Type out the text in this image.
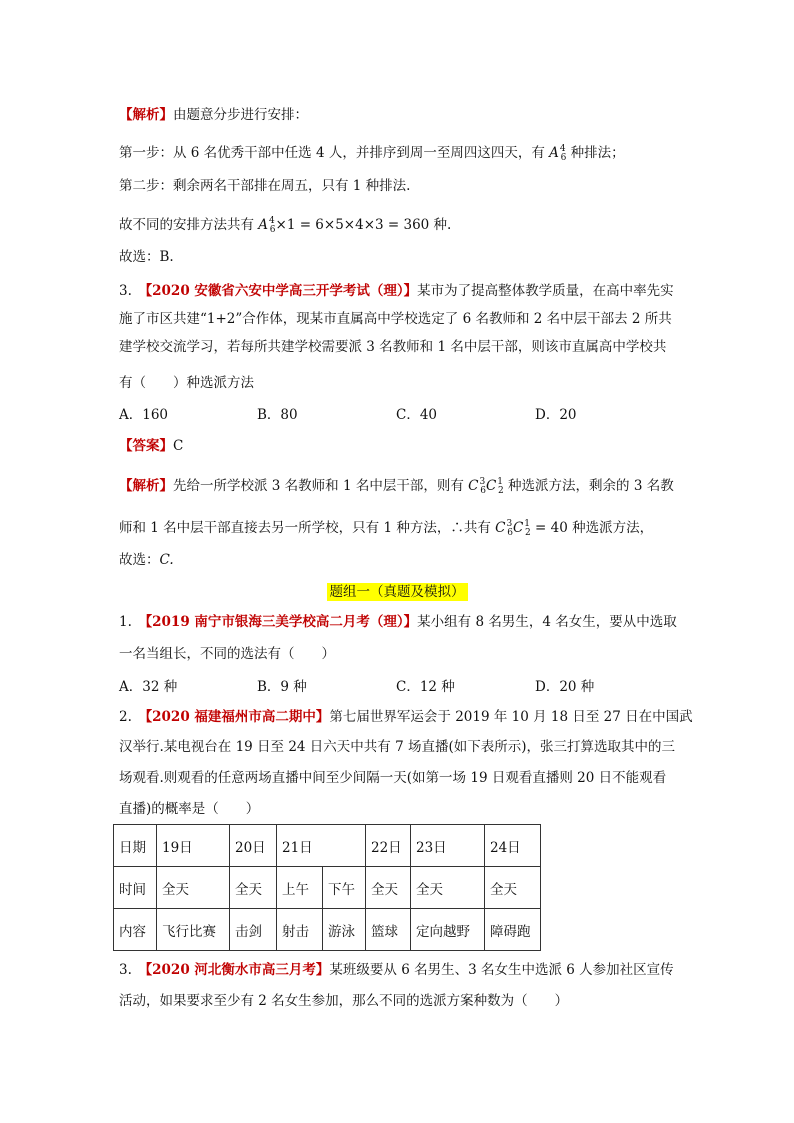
【解析】由题意分步进行安排：
第一步：从 6 名优秀干部中任选 4 人，并排序到周一至周四这四天，有 $A^4_6$ 种排法；
第二步：剩余两名干部排在周五，只有 1 种排法.
故不同的安排方法共有 $A^4_6\times 1 = 6\times 5\times 4\times 3 = 360$ 种.
故选：B.
3.　 【2020 安徽省六安中学高三开学考试（理）】某市为了提高整体教学质量，在高中率先实
施了市区共建“1+2”合作体，现某市直属高中学校选定了 6 名教师和 2 名中层干部去 2 所共
建学校交流学习，若每所共建学校需要派 3 名教师和 1 名中层干部，则该市直属高中学校共
有（　　）种选派方法
A．160	B．80	C．40	D．20
【答案】C
【解析】先给一所学校派 3 名教师和 1 名中层干部，则有 $C^3_6C^1_2$ 种选派方法，剩余的 3 名教
师和 1 名中层干部直接去另一所学校，只有 1 种方法，∴共有 $C^3_6C^1_2 = 40$ 种选派方法，
故选：C.
题组一（真题及模拟）
1.　 【2019 南宁市银海三美学校高二月考（理）】某小组有 8 名男生，4 名女生，要从中选取
一名当组长，不同的选法有（　　）
A．32 种	B．9 种	C．12 种	D．20 种
2.　 【2020 福建福州市高二期中】第七届世界军运会于 2019 年 10 月 18 日至 27 日在中国武
汉举行.某电视台在 19 日至 24 日六天中共有 7 场直播(如下表所示)，张三打算选取其中的三
场观看.则观看的任意两场直播中间至少间隔一天(如第一场 19 日观看直播则 20 日不能观看
直播)的概率是（　　）
日期	19日	20日	21日		22日	23日	24日
时间	全天	全天	上午	下午	全天	全天	全天
内容	飞行比赛	击剑	射击	游泳	篮球	定向越野	障碍跑
3.　 【2020 河北衡水市高三月考】某班级要从 6 名男生、3 名女生中选派 6 人参加社区宣传
活动，如果要求至少有 2 名女生参加，那么不同的选派方案种数为（　　）
